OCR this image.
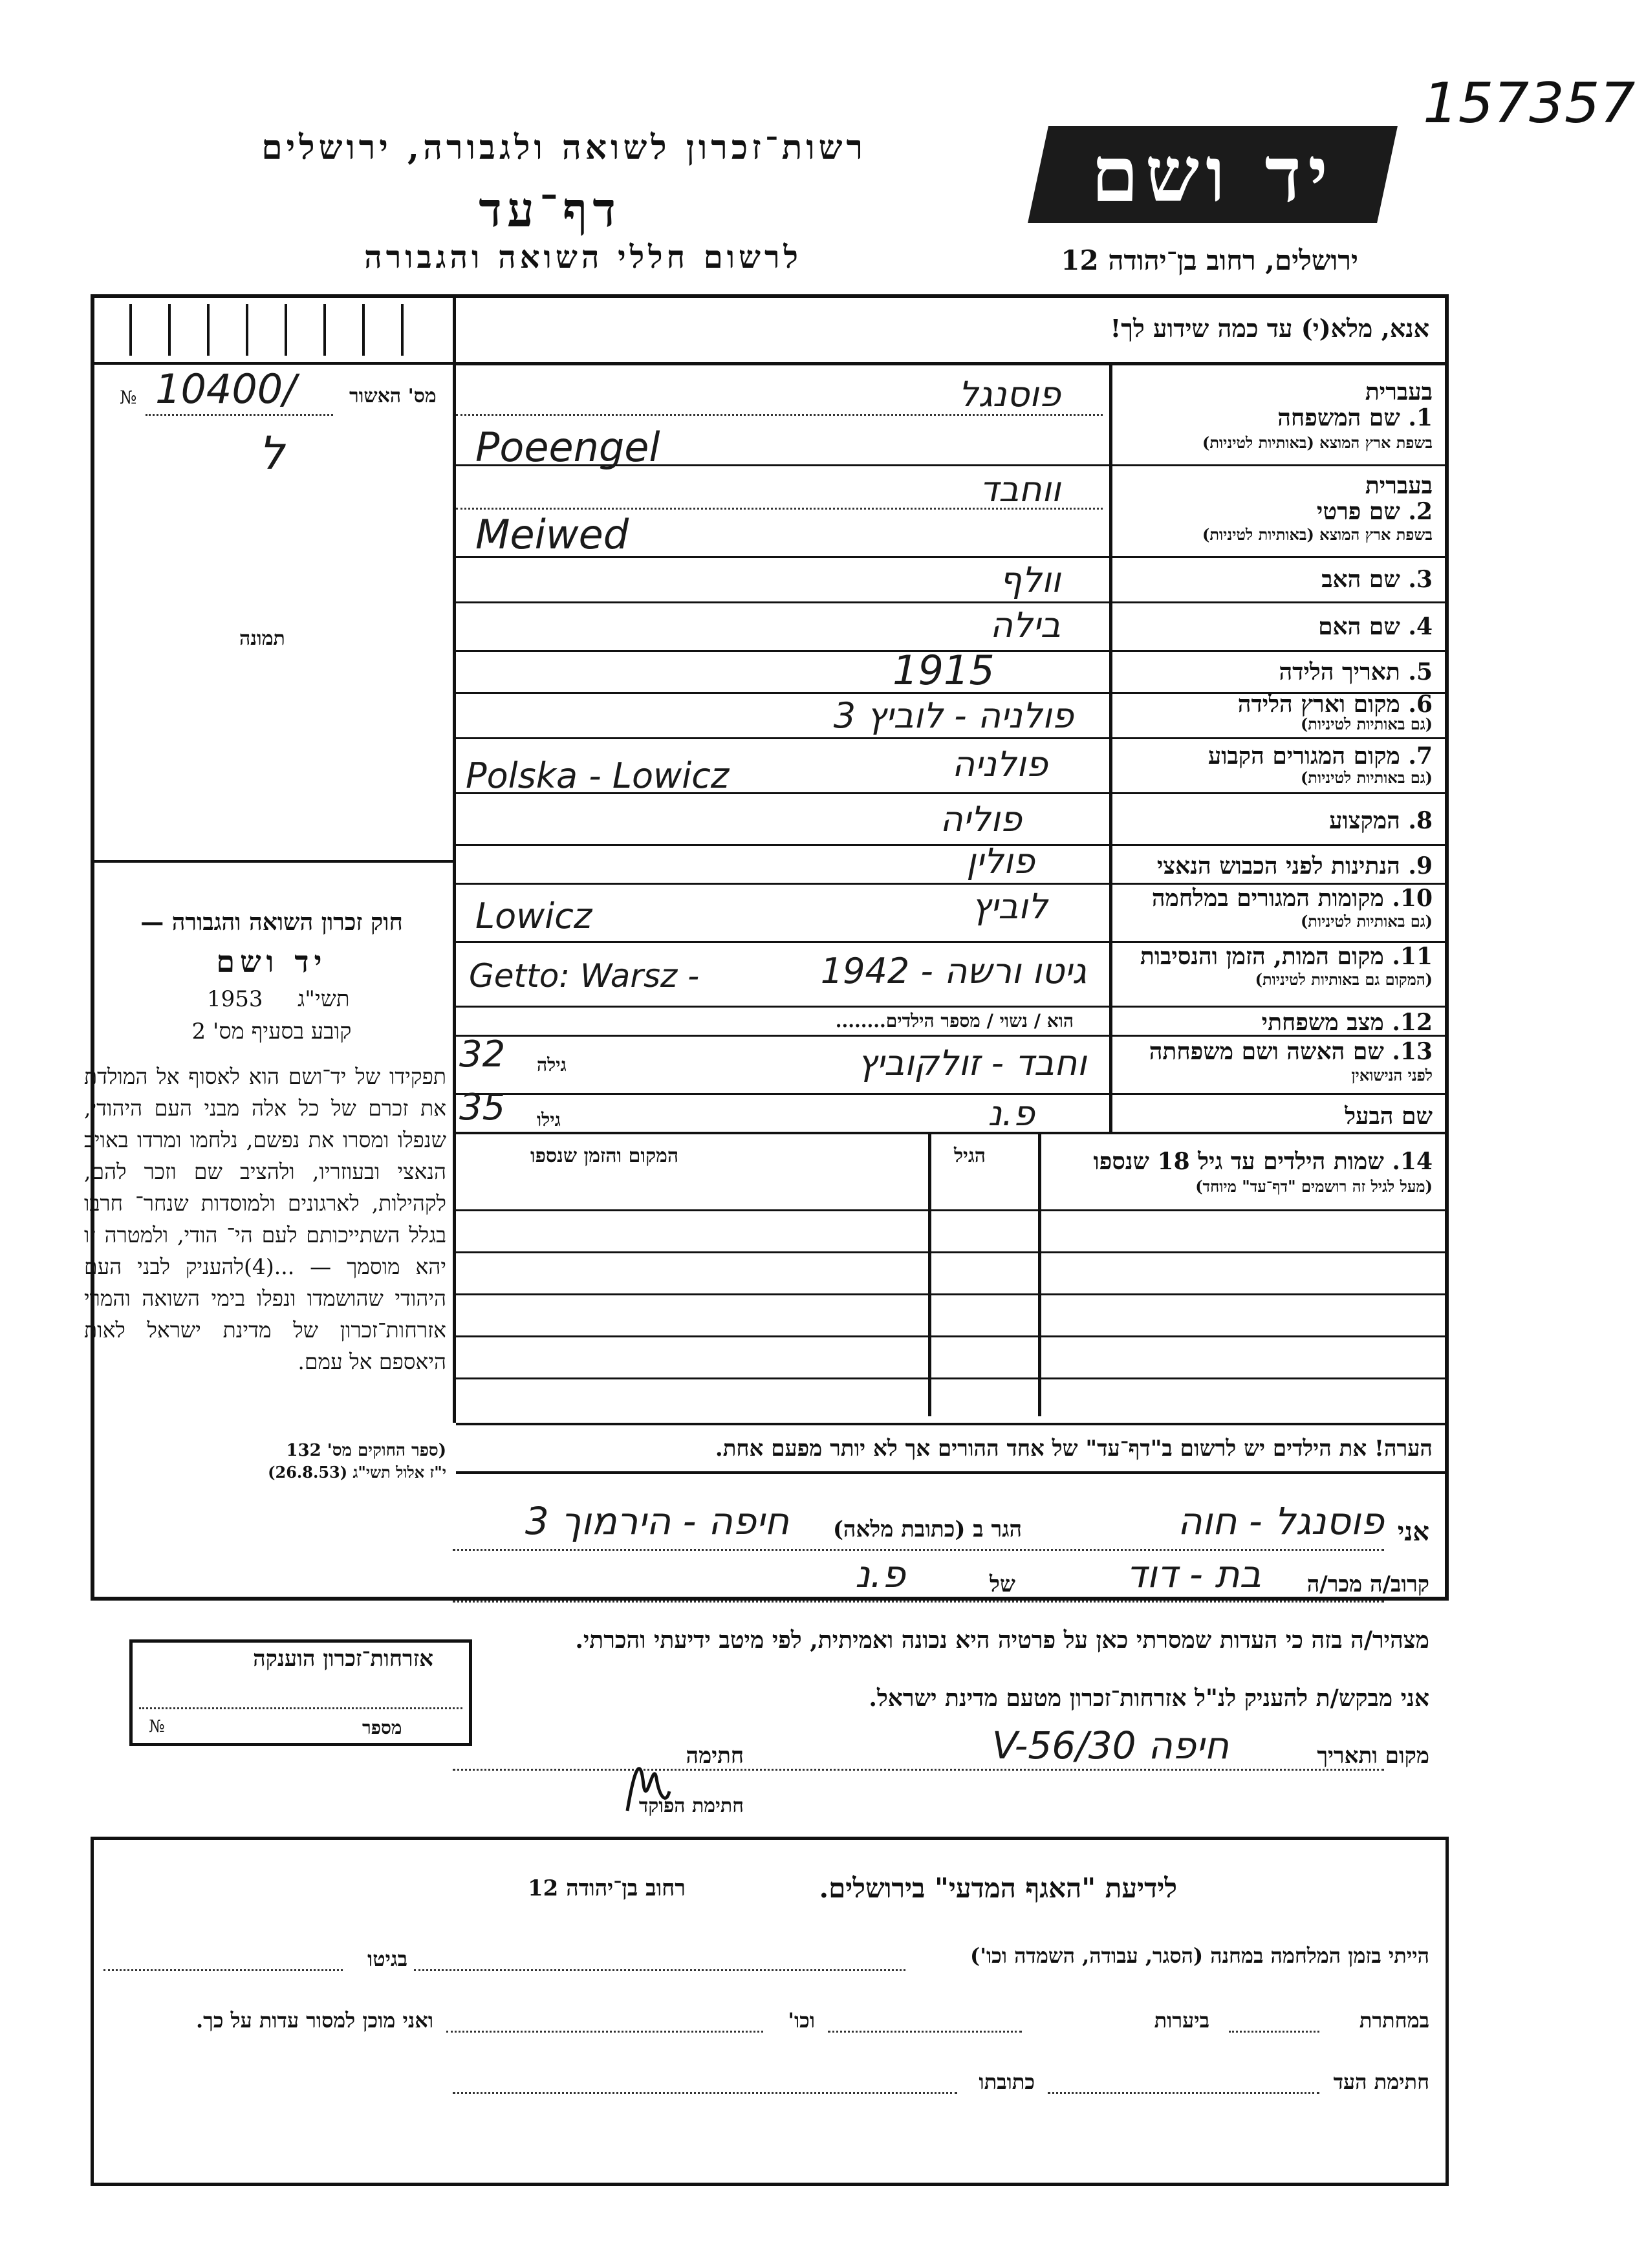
157357
יד ושם
רשות־זכרון לשואה ולגבורה, ירושלים
דף־עד
לרשום חללי השואה והגבורה	ירושלים, רחוב בן־יהודה 12
אנא, מלא(י) עד כמה שידוע לך!
מס' האשור
№ 10400/
ל
תמונה
בעברית
1. שם המשפחה
בשפת ארץ המוצא (באותיות לטיניות)
פוסנגל
Poeengel
בעברית
2. שם פרטי
בשפת ארץ המוצא (באותיות לטיניות)
ווחבד
Meiwed
3. שם האב
וולף
4. שם האם
בילה
5. תאריך הלידה
1915
6. מקום וארץ הלידה
(גם באותיות לטיניות)
פולניה - לוביץ 3
7. מקום המגורים הקבוע
(גם באותיות לטיניות)
פולניה
Polska - Lowicz
8. המקצוע
פוליה
9. הנתינות לפני הכבוש הנאצי
פולין
10. מקומות המגורים במלחמה
(גם באותיות לטיניות)
לוביץ
Lowicz
11. מקום המות, הזמן והנסיבות
(המקום גם באותיות לטיניות)
גיטו ורשה - 1942
Getto: Warsz -
12. מצב משפחתי
הוא / נשוי / מספר הילדים........
13. שם האשה ושם משפחתה
לפני הנישואין
וחבד - זולקוביץ
גילה
32
שם הבעל
פ.נ
גילו
35
14. שמות הילדים עד גיל 18 שנספו
(מעל לגיל זה רושמים "דף־עד" מיוחד)
הגיל
המקום והזמן שנספו
הערה! את הילדים יש לרשום ב"דף־עד" של אחד ההורים אך לא יותר מפעם אחת.
חוק זכרון השואה והגבורה —
יד ושם
1953 תשי"ג
קובע בסעיף מס' 2
תפקידו של יד־ושם הוא לאסוף אל המולדת את זכרם של כל אלה מבני העם היהודי, שנפלו ומסרו את נפשם, נלחמו ומרדו באויב הנאצי ובעוזריו, ולהציב שם וזכר להם, לקהילות, לארגונים ולמוסדות שנחר־ חרבו בגלל השתייכותם לעם הי־ הודי, ולמטרה זו יהא מוסמך — ...(4)להעניק לבני העם היהודי שהושמדו ונפלו בימי השואה והמרי אזרחות־זכרון של מדינת ישראל לאות היאספם אל עמם.
(ספר החוקים מס' 132
י"ז אלול תשי"ג (26.8.53)
אני
פוסנגל - חוה
הגר ב (כתובת מלאה)
חיפה - הירמוך 3
קרוב/ה מכר/ה
בת - דוד
של
פ.נ
מצהיר/ה בזה כי העדות שמסרתי כאן על פרטיה היא נכונה ואמיתית, לפי מיטב ידיעתי והכרתי.
אני מבקש/ת להעניק לנ"ל אזרחות־זכרון מטעם מדינת ישראל.
מקום ותאריך
חיפה 30/V-56
חתימה
חתימת הפוקד
אזרחות־זכרון הוענקה
מספר
№
לידיעת "האגף המדעי" בירושלים.
רחוב בן־יהודה 12
הייתי בזמן המלחמה במחנה (הסגר, עבודה, השמדה וכו')
בגיטו
במחתרת
ביערות
וכו'
ואני מוכן למסור עדות על כך.
חתימת העד
כתובתו
